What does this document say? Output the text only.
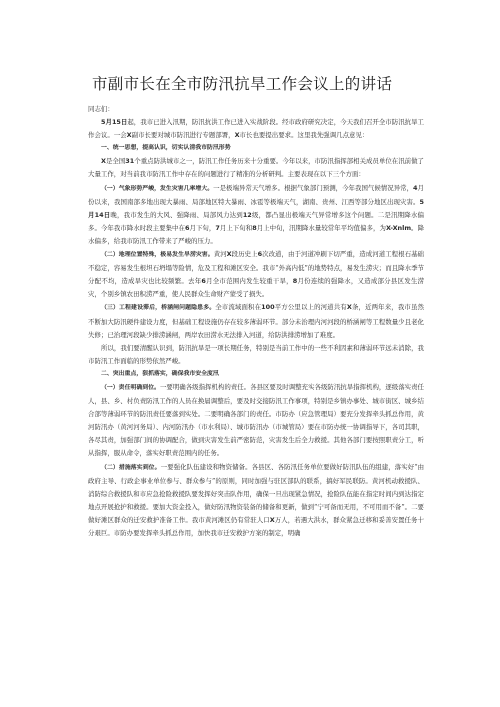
市副市长在全市防汛抗旱工作会议上的讲话

同志们：

5月15日起，我市已进入汛期，防汛抗洪工作已进入实战阶段。经市政府研究决定，今天我们召开全市防汛抗旱工作会议。一会X副市长要对城市防汛进行专题部署，X市长也要提出要求。这里我先强调几点意见：

一、统一思想，提高认识，切实认清我市防汛形势

X是全国31个重点防洪城市之一，防汛工作任务历来十分重要。今年以来，市防汛指挥部相关成员单位在汛前做了大量工作，对当前我市防汛工作中存在的问题进行了精准的分析研判。主要表现在以下三个方面：

（一）气象形势严峻，发生灾害几率增大。一是极端异常天气增多。根据气象部门预测，今年我国气候情况异常，4月份以来，我国南部多地出现大暴雨、局部地区特大暴雨、冰雹等极端天气，湖南、贵州、江西等部分地区出现灾害。5月14日晚，我市发生的大风、强降雨、局部风力达到12级，都凸显出极端天气异常增多这个问题。二是汛期降水偏多。今年我市降水时段主要集中在6月下旬，7月上下旬和8月上中旬，汛期降水量较常年平均值偏多，为X-Xnlm。降水偏多，给我市防汛工作带来了严峻的压力。

（二）地理位置特殊，极易发生旱涝灾害。黄河X段历史上6次改道，由于河道冲刷下切严重，造成河道工程根石基础不稳定，容易发生根坦石坍塌等险情，危及工程和滩区安全。我市“外高内低”的地势特点，易发生涝灾；而且降水季节分配不均，造成旱灾也比较频繁。去年6月全市范围内发生较重干旱，8月份连续的强降水，又造成部分县区发生涝灾，个别乡镇农田积涝严重，使人民群众生命财产蒙受了损失。

（三）工程建设滞后，桥涵闸问题隐患多。全市流域面积在100平方公里以上的河道共有X条，近两年来，我市虽然不断加大防汛硬件建设力度，但基础工程设施仍存在较多薄弱环节。部分未治理内河河段的桥涵闸等工程数量少且老化失修；已治理河段缺少排涝涵闸，两岸农田涝水无法排入河道，给防洪排涝增加了难度。

所以，我们要清醒认识到，防汛抗旱是一项长期任务，特别是当前工作中的一些不利因素和薄弱环节远未消除，我市防汛工作面临的形势依然严峻。

二、突出重点，狠抓落实，确保我市安全度汛

（一）责任明确到位。一要明确各级指挥机构的责任。各县区要及时调整充实各级防汛抗旱指挥机构，逐级落实责任人，县、乡、村负责防汛工作的人员在换届调整后，要及时交接防汛工作事项，特别是乡镇办事处、城市街区、城乡结合部等薄弱环节的防汛责任要落到实处。二要明确各部门的责任。市防办（应急管理局）要充分发挥牵头抓总作用，黄河防汛办（黄河河务局）、内河防汛办（市水利局）、城市防汛办（市城管局）要在市防办统一协调指导下，各司其职，各尽其责，加强部门间的协调配合，做到灾害发生前严密防范，灾害发生后全力救援。其他各部门要按照职责分工，听从指挥，服从命令，落实好职责范围内的任务。

（二）措施落实到位。一要强化队伍建设和物资储备。各县区、各防汛任务单位要做好防汛队伍的组建，落实好“由政府主导、行政企事业单位参与、群众参与”的原则，同时加强与驻区部队的联系，搞好军民联防。黄河机动救援队、消防综合救援队和市应急抢险救援队要发挥好突击队作用，确保一旦出现紧急情况，抢险队伍能在指定时间内到达指定地点开展抢护和救援。要加大资金投入，做好防汛物资装备的储备和更新，做到“宁可备而无用，不可用而不备”。二要做好滩区群众的迁安救护准备工作。我市黄河滩区仍有常驻人口X万人，若遇大洪水，群众紧急迁移和妥善安置任务十分艰巨。市防办要发挥牵头抓总作用，加快我市迁安救护方案的制定，明确
